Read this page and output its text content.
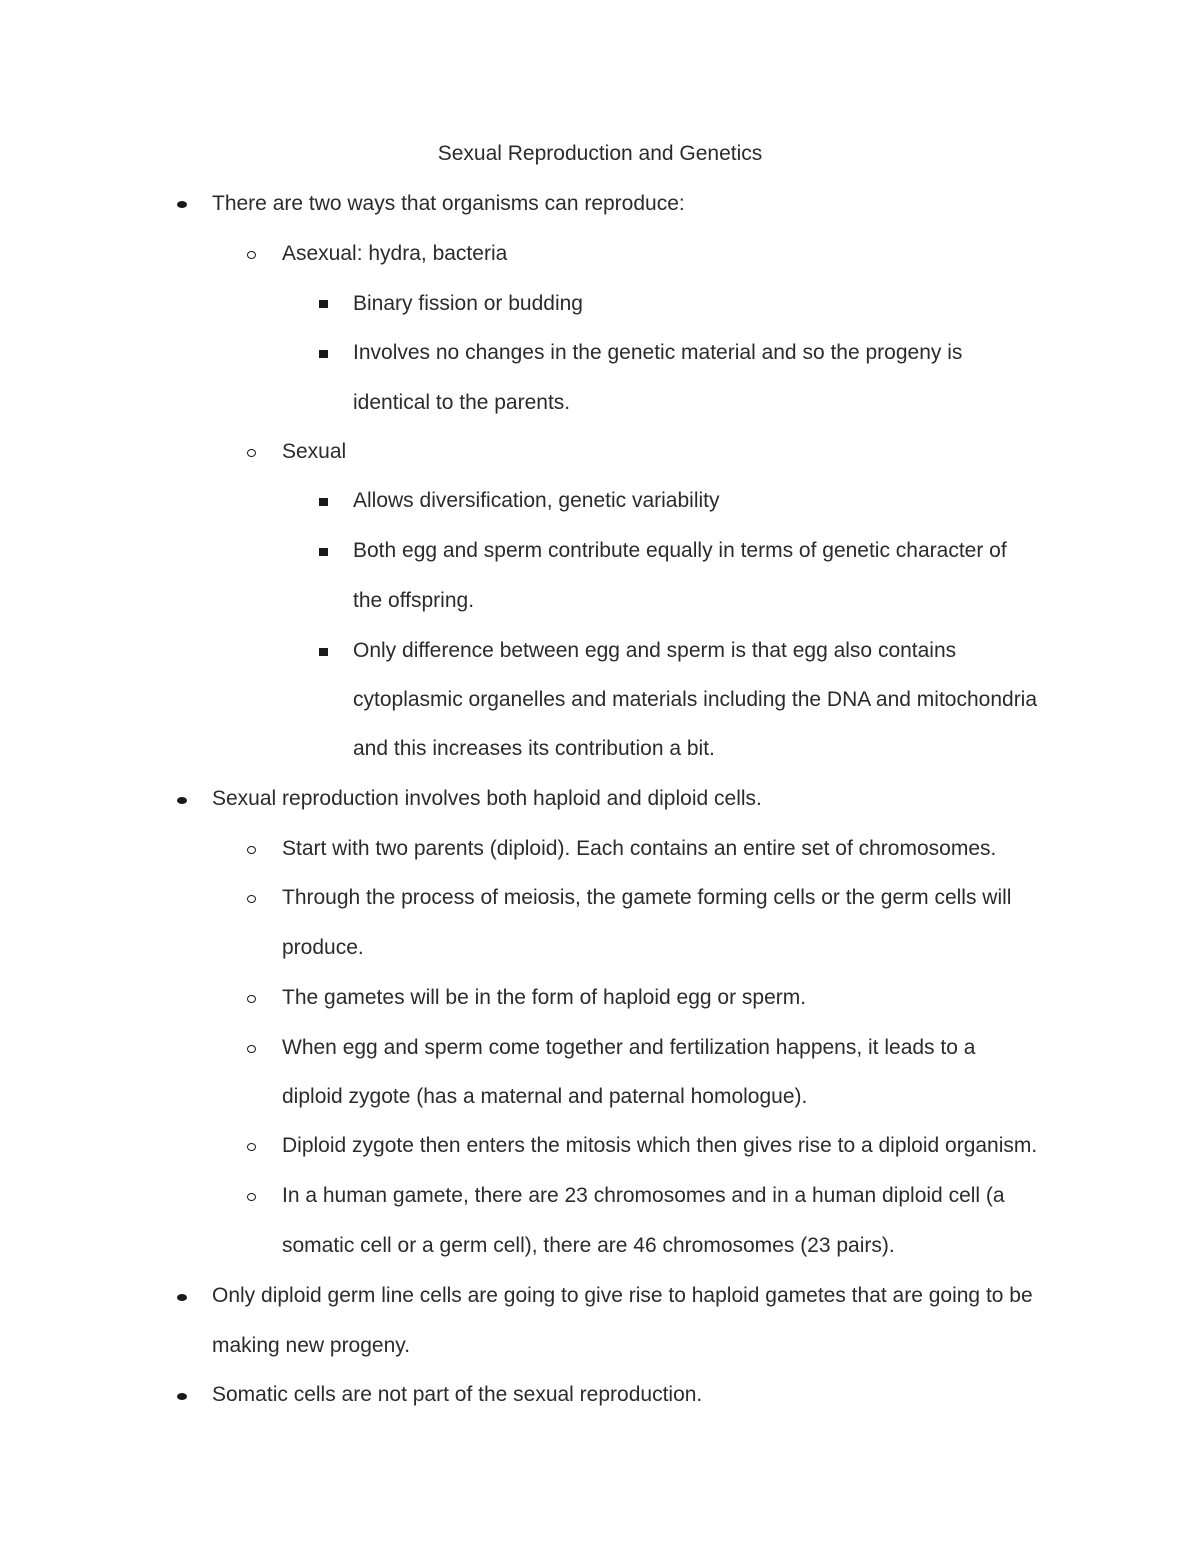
Sexual Reproduction and Genetics
There are two ways that organisms can reproduce:
Asexual: hydra, bacteria
Binary fission or budding
Involves no changes in the genetic material and so the progeny is
identical to the parents.
Sexual
Allows diversification, genetic variability
Both egg and sperm contribute equally in terms of genetic character of
the offspring.
Only difference between egg and sperm is that egg also contains
cytoplasmic organelles and materials including the DNA and mitochondria
and this increases its contribution a bit.
Sexual reproduction involves both haploid and diploid cells.
Start with two parents (diploid). Each contains an entire set of chromosomes.
Through the process of meiosis, the gamete forming cells or the germ cells will
produce.
The gametes will be in the form of haploid egg or sperm.
When egg and sperm come together and fertilization happens, it leads to a
diploid zygote (has a maternal and paternal homologue).
Diploid zygote then enters the mitosis which then gives rise to a diploid organism.
In a human gamete, there are 23 chromosomes and in a human diploid cell (a
somatic cell or a germ cell), there are 46 chromosomes (23 pairs).
Only diploid germ line cells are going to give rise to haploid gametes that are going to be
making new progeny.
Somatic cells are not part of the sexual reproduction.
